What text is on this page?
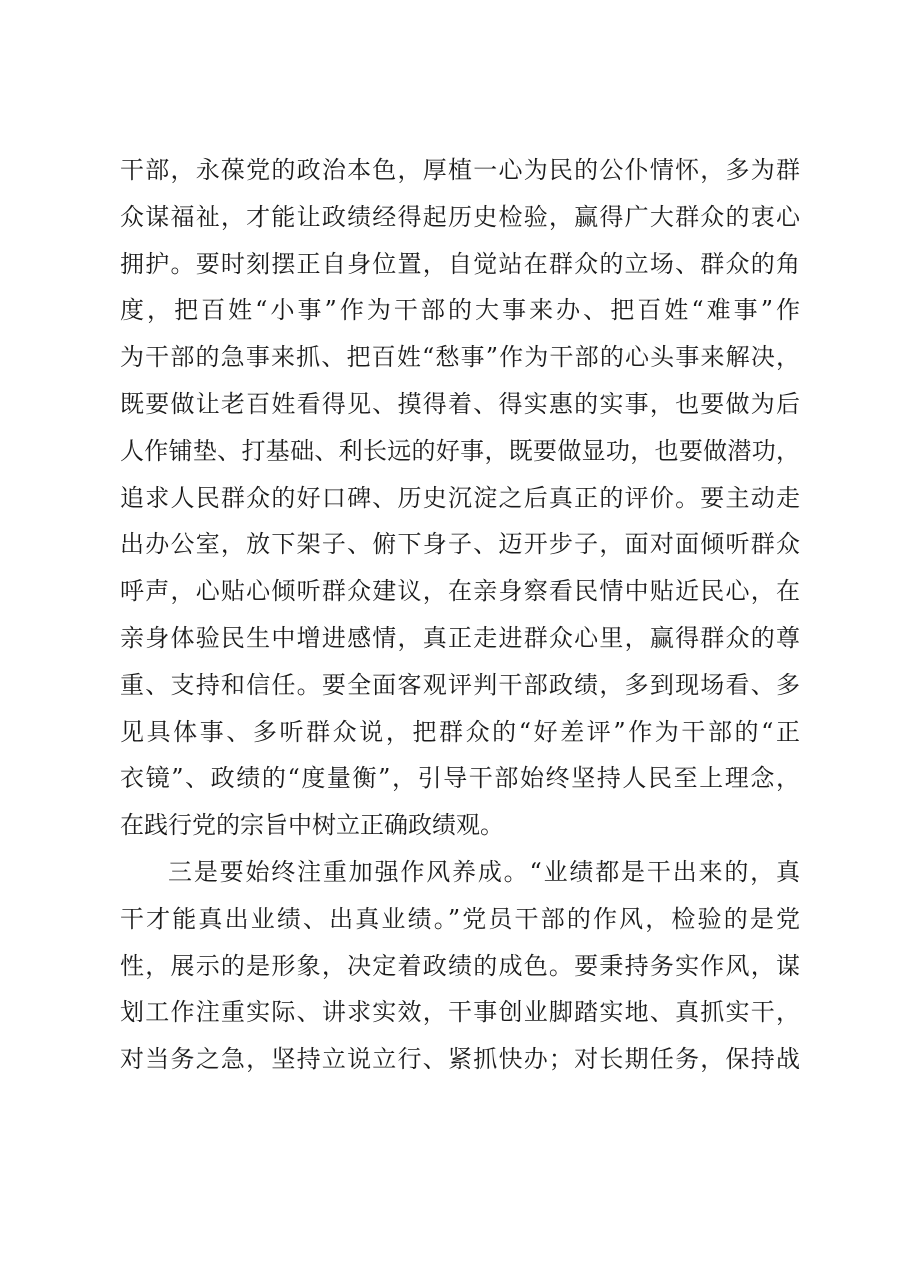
干部，永葆党的政治本色，厚植一心为民的公仆情怀，多为群
众谋福祉，才能让政绩经得起历史检验，赢得广大群众的衷心
拥护。要时刻摆正自身位置，自觉站在群众的立场、群众的角
度，把百姓“小事”作为干部的大事来办、把百姓“难事”作
为干部的急事来抓、把百姓“愁事”作为干部的心头事来解决，
既要做让老百姓看得见、摸得着、得实惠的实事，也要做为后
人作铺垫、打基础、利长远的好事，既要做显功，也要做潜功，
追求人民群众的好口碑、历史沉淀之后真正的评价。要主动走
出办公室，放下架子、俯下身子、迈开步子，面对面倾听群众
呼声，心贴心倾听群众建议，在亲身察看民情中贴近民心，在
亲身体验民生中增进感情，真正走进群众心里，赢得群众的尊
重、支持和信任。要全面客观评判干部政绩，多到现场看、多
见具体事、多听群众说，把群众的“好差评”作为干部的“正
衣镜”、政绩的“度量衡”，引导干部始终坚持人民至上理念，
在践行党的宗旨中树立正确政绩观。
三是要始终注重加强作风养成。“业绩都是干出来的，真
干才能真出业绩、出真业绩。”党员干部的作风，检验的是党
性，展示的是形象，决定着政绩的成色。要秉持务实作风，谋
划工作注重实际、讲求实效，干事创业脚踏实地、真抓实干，
对当务之急，坚持立说立行、紧抓快办；对长期任务，保持战
